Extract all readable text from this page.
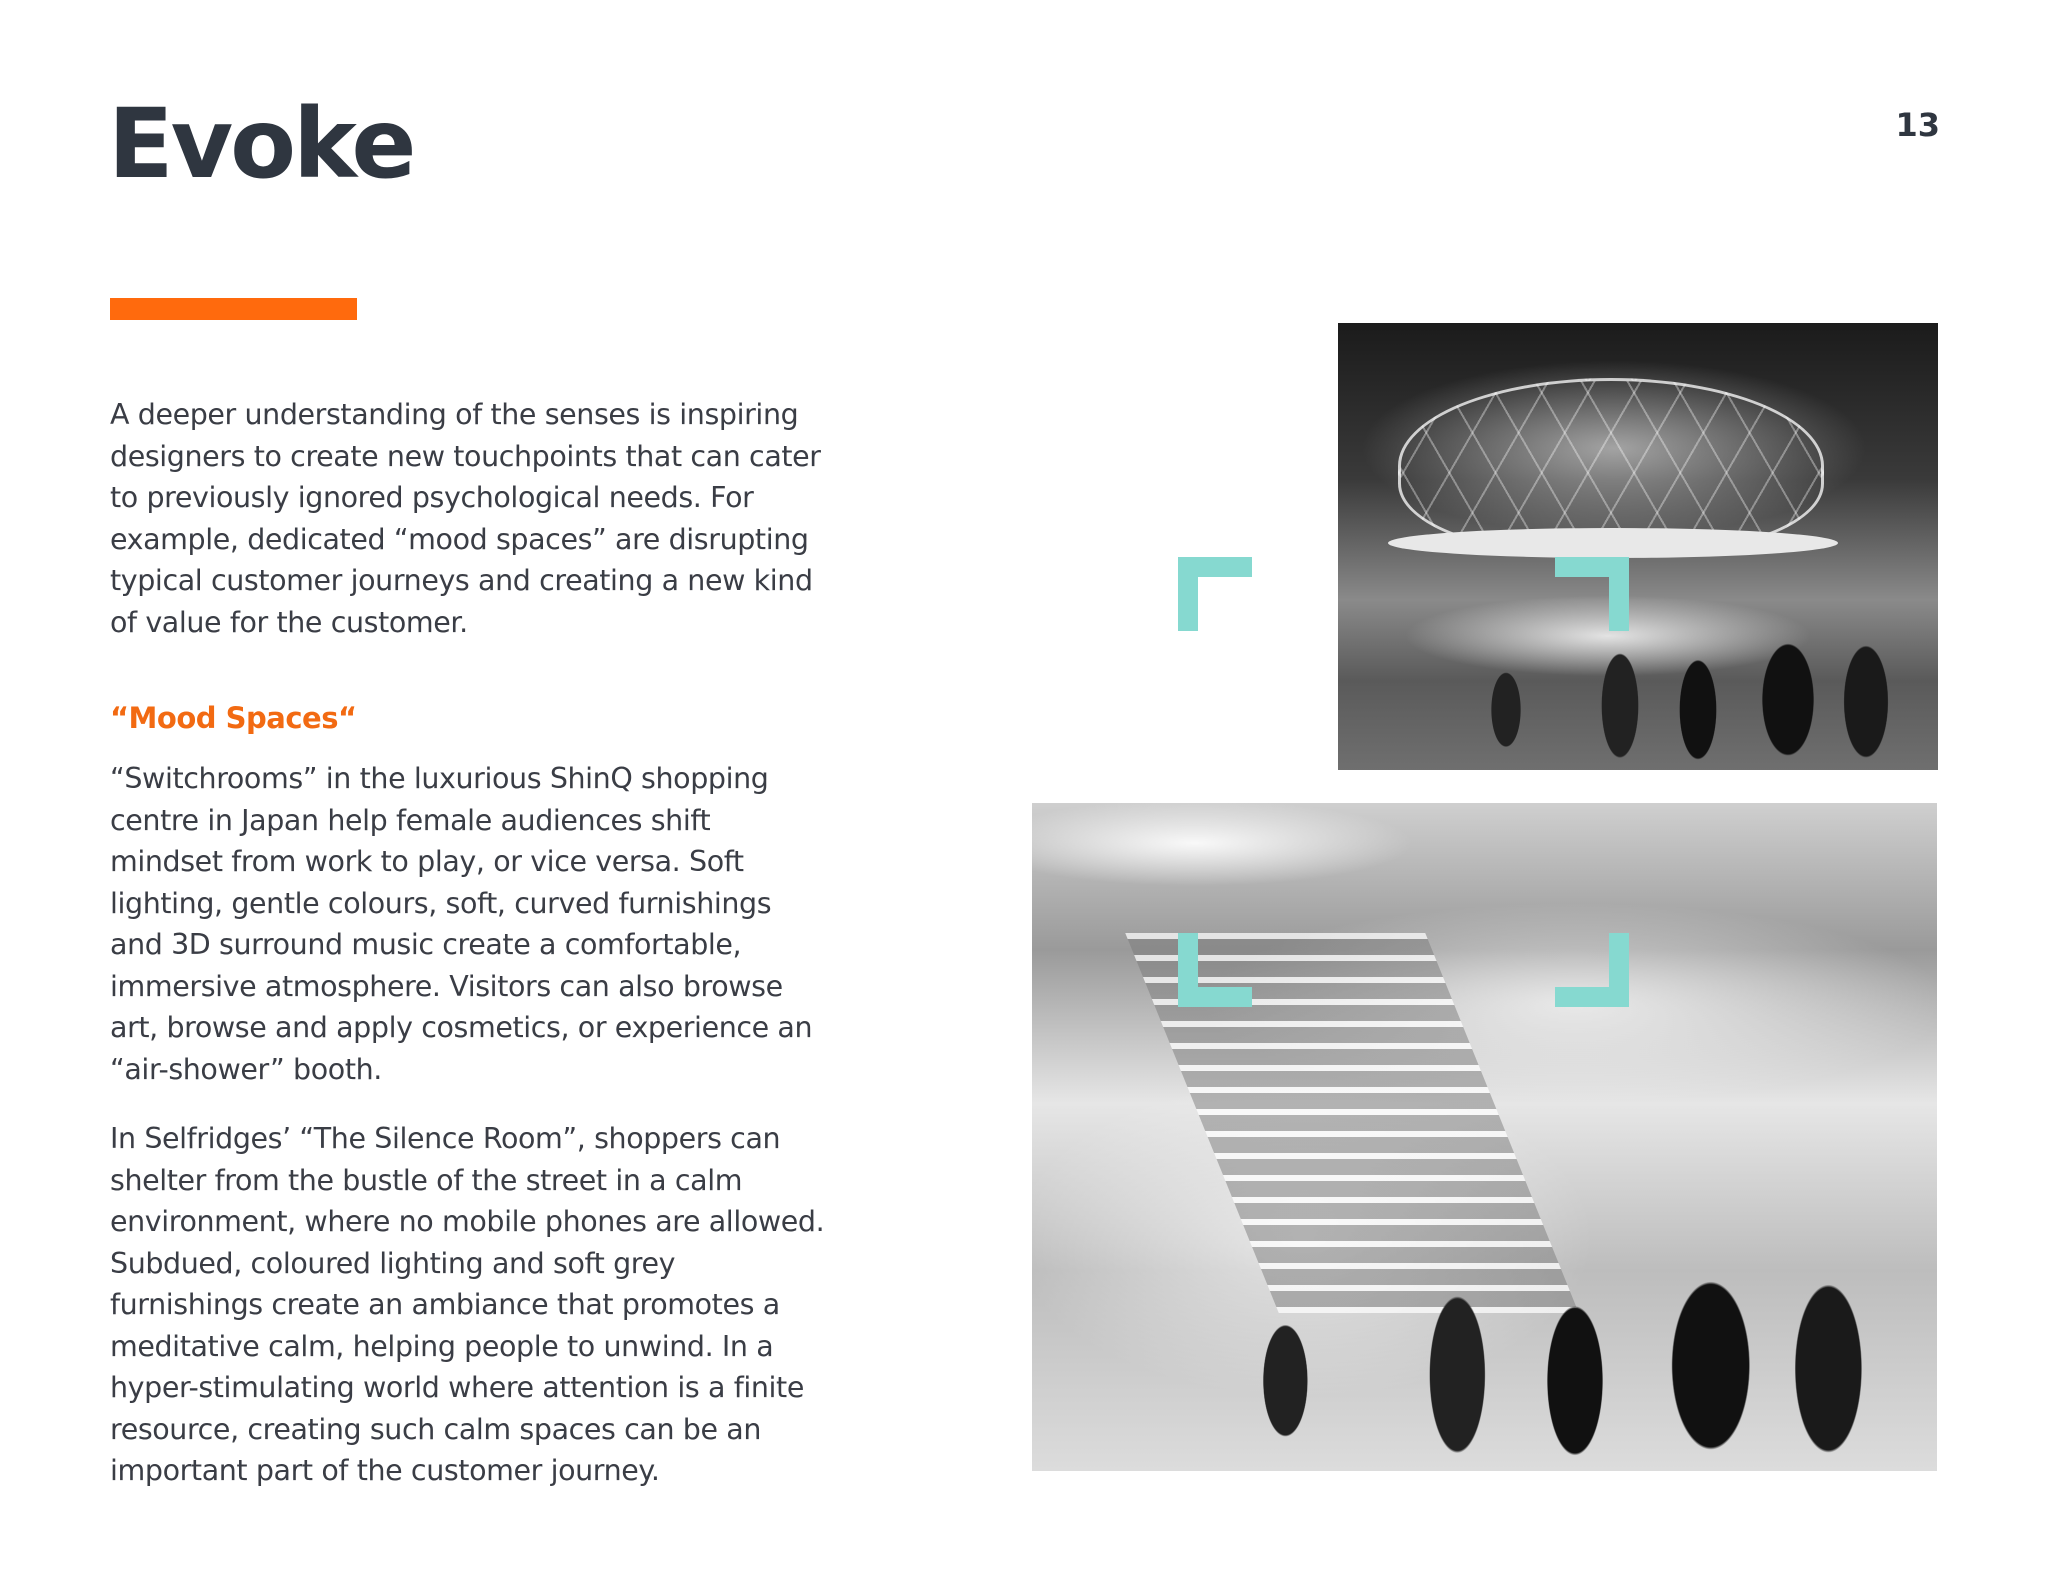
13
Evoke

A deeper understanding of the senses is inspiring designers to create new touchpoints that can cater to previously ignored psychological needs. For example, dedicated “mood spaces” are disrupting typical customer journeys and creating a new kind of value for the customer.

“Mood Spaces“

“Switchrooms” in the luxurious ShinQ shopping centre in Japan help female audiences shift mindset from work to play, or vice versa. Soft lighting, gentle colours, soft, curved furnishings and 3D surround music create a comfortable, immersive atmosphere. Visitors can also browse art, browse and apply cosmetics, or experience an “air-shower” booth.

In Selfridges’ “The Silence Room”, shoppers can shelter from the bustle of the street in a calm environment, where no mobile phones are allowed. Subdued, coloured lighting and soft grey furnishings create an ambiance that promotes a meditative calm, helping people to unwind. In a hyper-stimulating world where attention is a finite resource, creating such calm spaces can be an important part of the customer journey.
